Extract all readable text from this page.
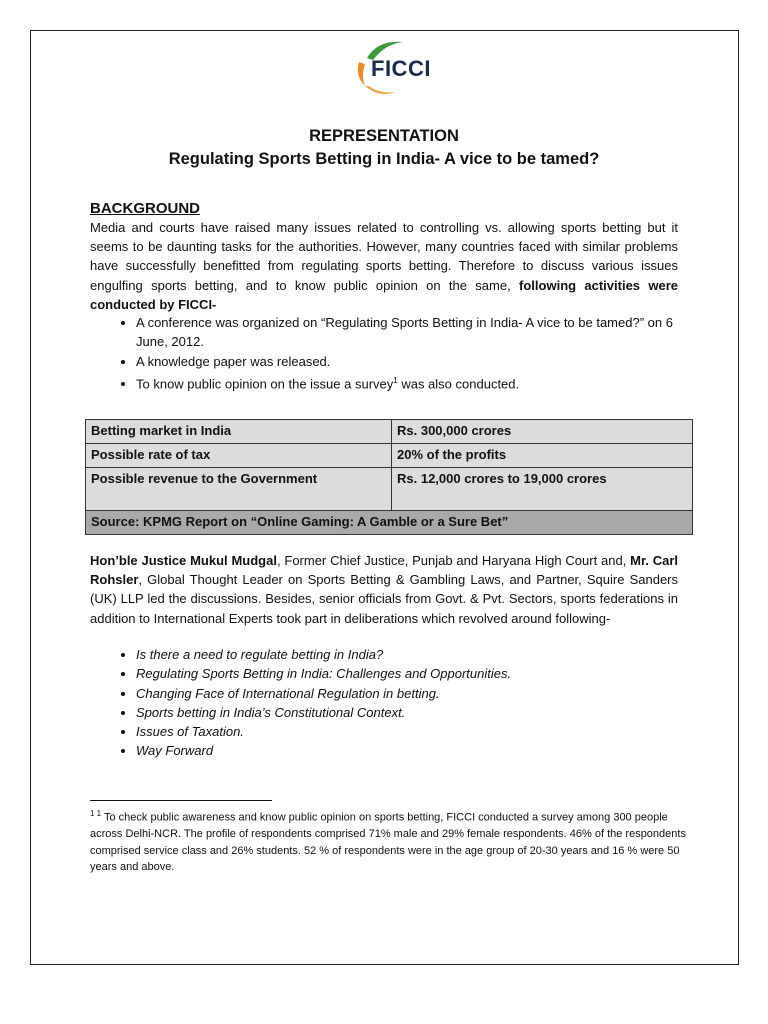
FICCI
REPRESENTATION
Regulating Sports Betting in India- A vice to be tamed?
BACKGROUND
Media and courts have raised many issues related to controlling vs. allowing sports betting but it seems to be daunting tasks for the authorities. However, many countries faced with similar problems have successfully benefitted from regulating sports betting. Therefore to discuss various issues engulfing sports betting, and to know public opinion on the same, following activities were conducted by FICCI-
• A conference was organized on “Regulating Sports Betting in India- A vice to be tamed?” on 6 June, 2012.
• A knowledge paper was released.
• To know public opinion on the issue a survey$^1$ was also conducted.
Betting market in India	Rs. 300,000 crores
Possible rate of tax	20% of the profits
Possible revenue to the Government	Rs. 12,000 crores to 19,000 crores
Source: KPMG Report on “Online Gaming: A Gamble or a Sure Bet”	
Hon’ble Justice Mukul Mudgal, Former Chief Justice, Punjab and Haryana High Court and, Mr. Carl Rohsler, Global Thought Leader on Sports Betting & Gambling Laws, and Partner, Squire Sanders (UK) LLP led the discussions. Besides, senior officials from Govt. & Pvt. Sectors, sports federations in addition to International Experts took part in deliberations which revolved around following-
• Is there a need to regulate betting in India?
• Regulating Sports Betting in India: Challenges and Opportunities.
• Changing Face of International Regulation in betting.
• Sports betting in India’s Constitutional Context.
• Issues of Taxation.
• Way Forward
$^{1 1}$ To check public awareness and know public opinion on sports betting, FICCI conducted a survey among 300 people across Delhi-NCR. The profile of respondents comprised 71% male and 29% female respondents. 46% of the respondents comprised service class and 26% students. 52 % of respondents were in the age group of 20-30 years and 16 % were 50 years and above.
